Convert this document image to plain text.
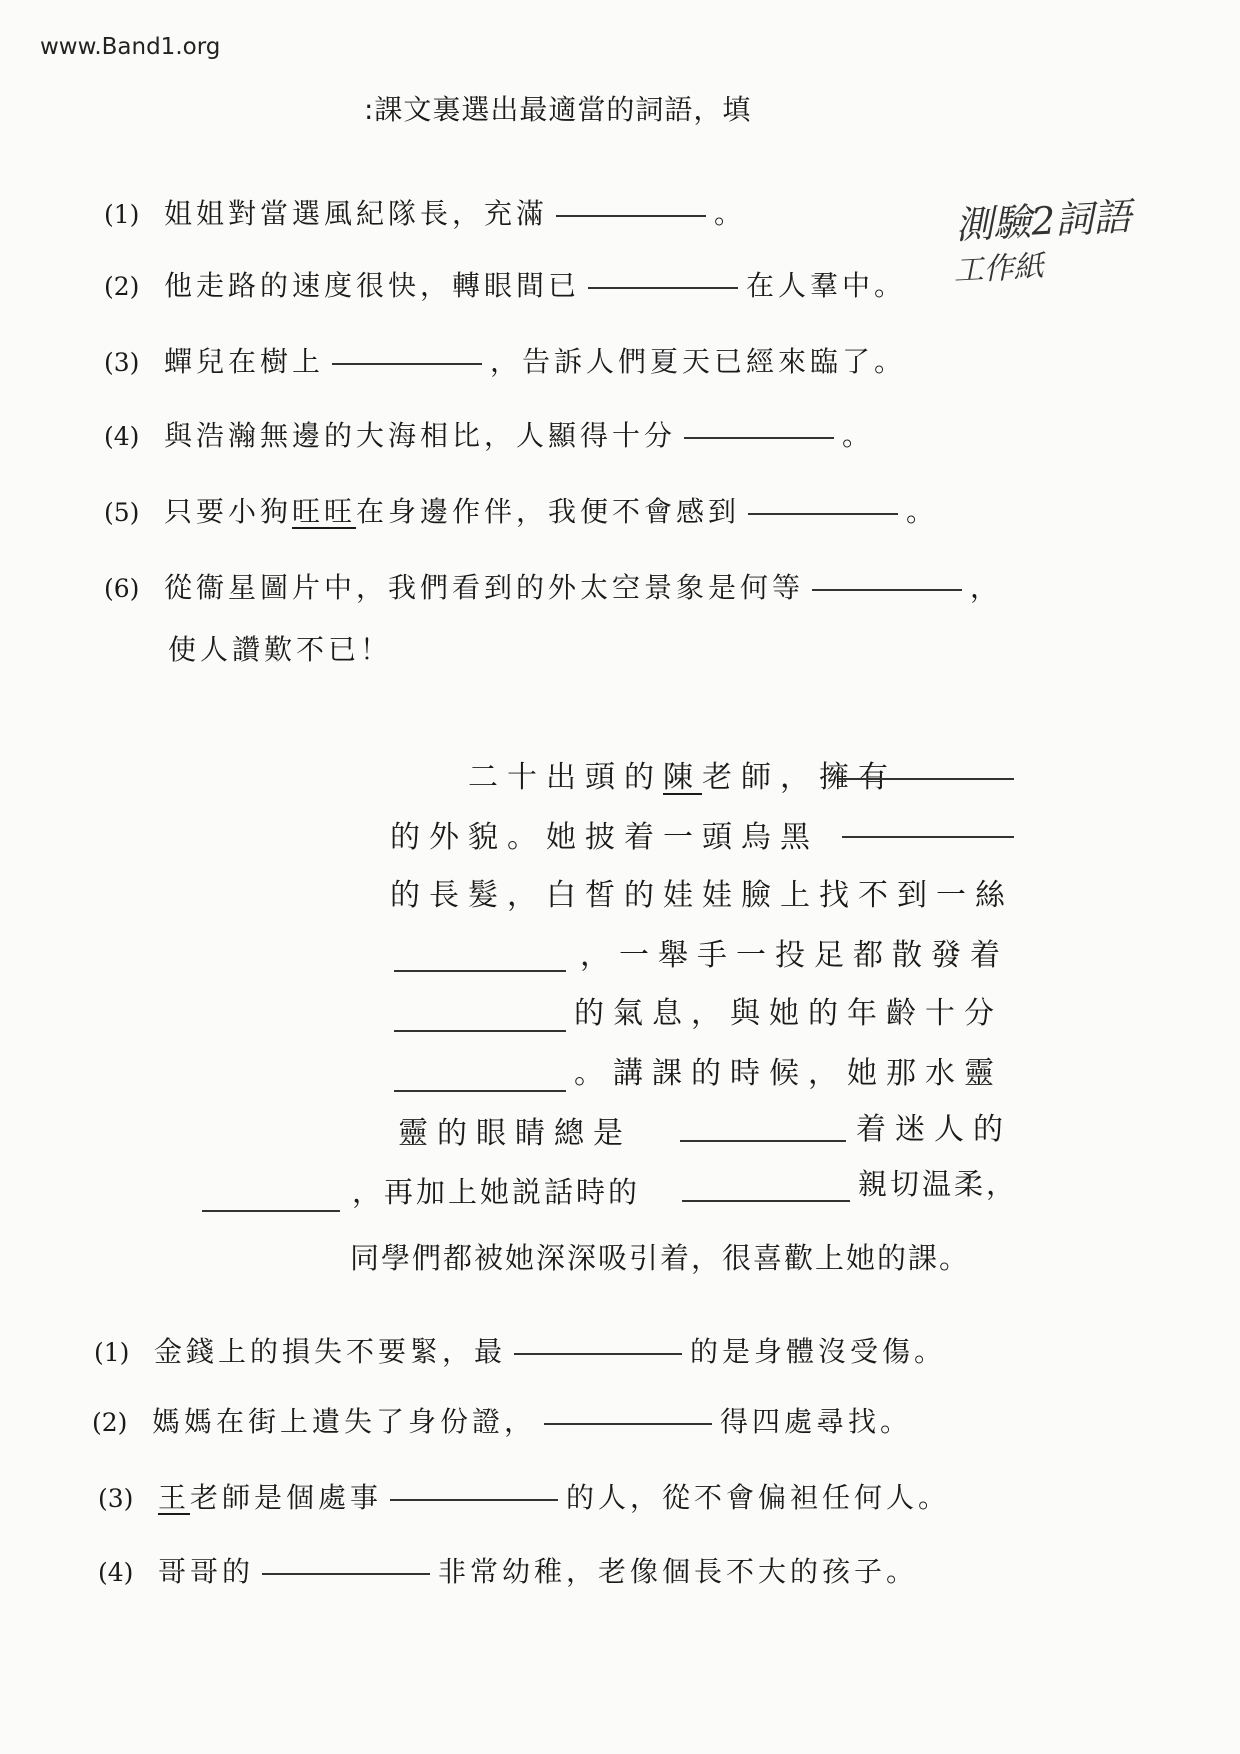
www.Band1.org
:課文裏選出最適當的詞語，填
測驗2詞語
工作紙
(1) 姐姐對當選風紀隊長，充滿	。
(2) 他走路的速度很快，轉眼間已	在人羣中。
(3) 蟬兒在樹上	，告訴人們夏天已經來臨了。
(4) 與浩瀚無邊的大海相比，人顯得十分	。
(5) 只要小狗旺旺在身邊作伴，我便不會感到	。
(6) 從衞星圖片中，我們看到的外太空景象是何等	，
使人讚歎不已！
二十出頭的陳老師，擁有
的外貌。她披着一頭烏黑
的長髮，白皙的娃娃臉上找不到一絲
，一舉手一投足都散發着
的氣息，與她的年齡十分
。講課的時候，她那水靈
靈的眼睛總是	着迷人的
，再加上她説話時的	親切温柔，
同學們都被她深深吸引着，很喜歡上她的課。
(1) 金錢上的損失不要緊，最	的是身體沒受傷。
(2) 媽媽在街上遺失了身份證，	得四處尋找。
(3) 王老師是個處事	的人，從不會偏袒任何人。
(4) 哥哥的	非常幼稚，老像個長不大的孩子。
